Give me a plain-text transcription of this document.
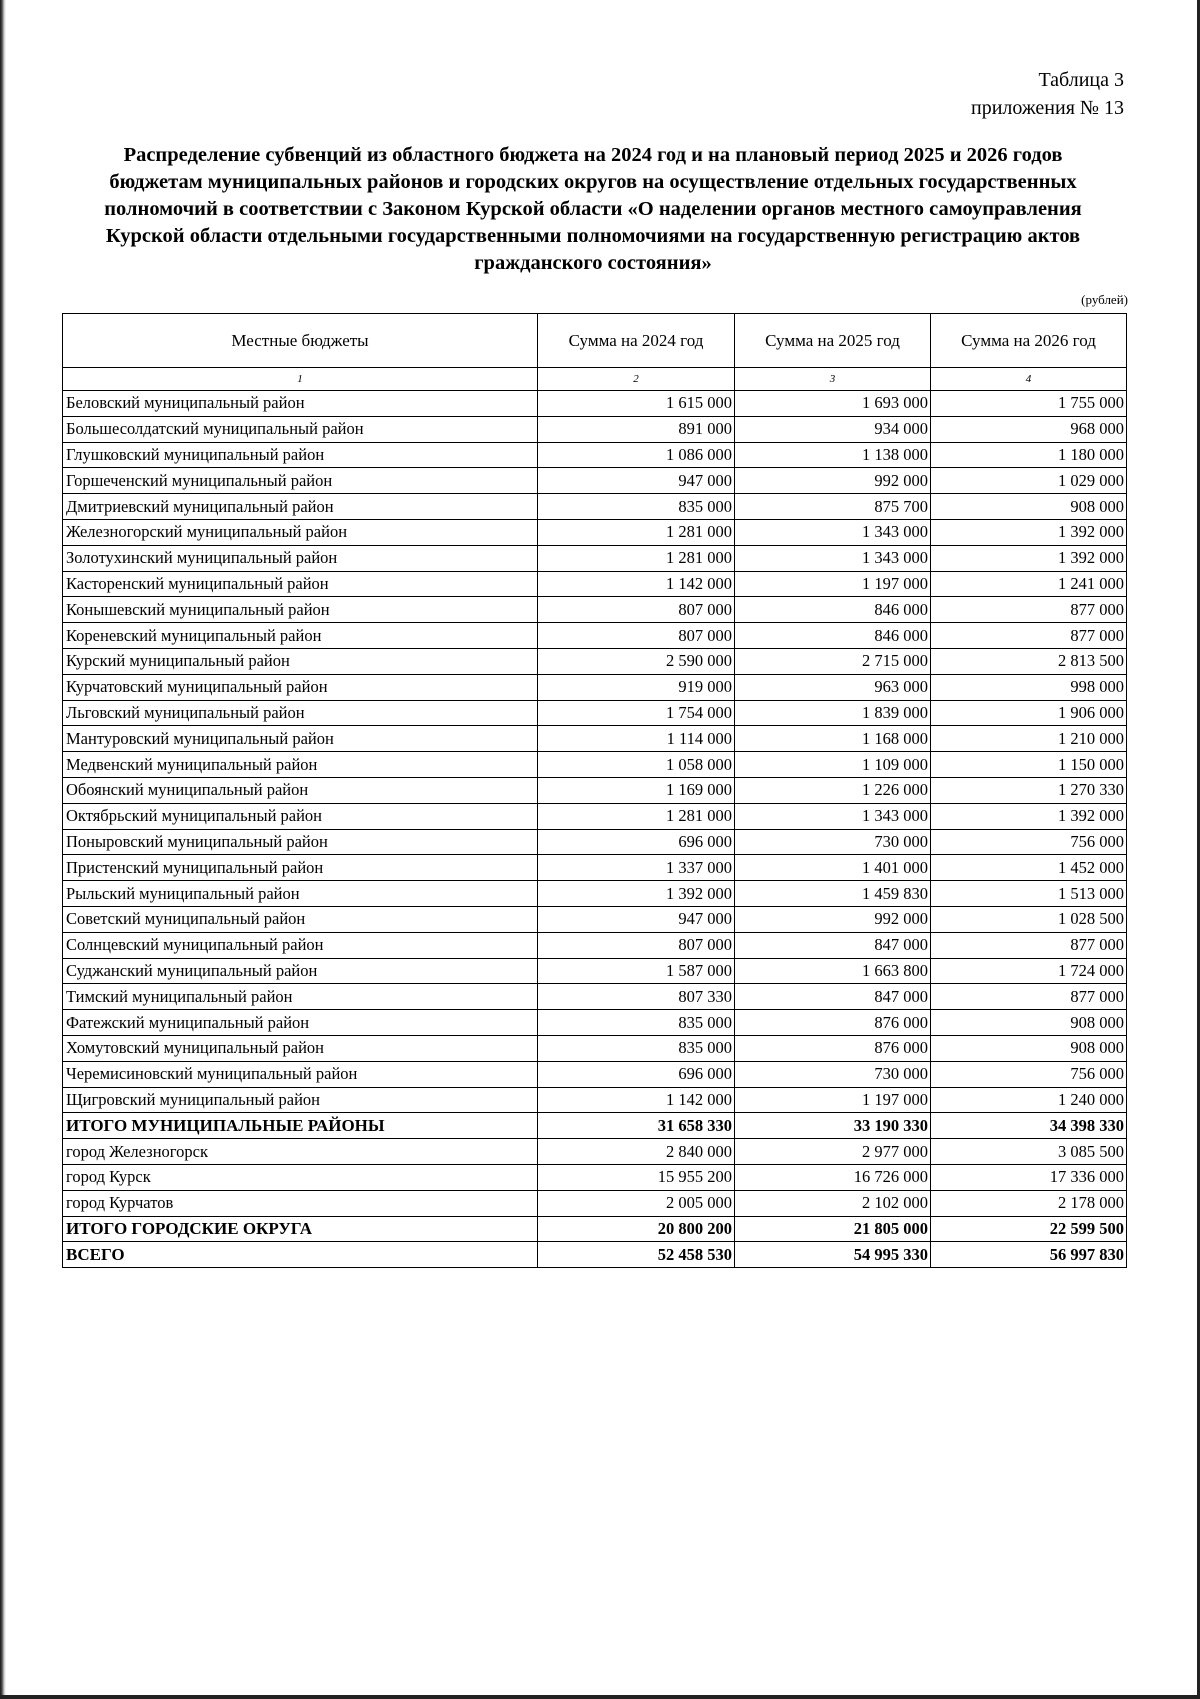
Таблица 3
приложения № 13
Распределение субвенций из областного бюджета на 2024 год и на плановый период 2025 и 2026 годов
бюджетам муниципальных районов и городских округов на осуществление отдельных государственных
полномочий в соответствии с Законом Курской области «О наделении органов местного самоуправления
Курской области отдельными государственными полномочиями на государственную регистрацию актов
гражданского состояния»
(рублей)
Местные бюджеты	Сумма на 2024 год	Сумма на 2025 год	Сумма на 2026 год
1	2	3	4
Беловский муниципальный район	1 615 000	1 693 000	1 755 000
Большесолдатский муниципальный район	891 000	934 000	968 000
Глушковский муниципальный район	1 086 000	1 138 000	1 180 000
Горшеченский муниципальный район	947 000	992 000	1 029 000
Дмитриевский муниципальный район	835 000	875 700	908 000
Железногорский муниципальный район	1 281 000	1 343 000	1 392 000
Золотухинский муниципальный район	1 281 000	1 343 000	1 392 000
Касторенский муниципальный район	1 142 000	1 197 000	1 241 000
Конышевский муниципальный район	807 000	846 000	877 000
Кореневский муниципальный район	807 000	846 000	877 000
Курский муниципальный район	2 590 000	2 715 000	2 813 500
Курчатовский муниципальный район	919 000	963 000	998 000
Льговский муниципальный район	1 754 000	1 839 000	1 906 000
Мантуровский муниципальный район	1 114 000	1 168 000	1 210 000
Медвенский муниципальный район	1 058 000	1 109 000	1 150 000
Обоянский муниципальный район	1 169 000	1 226 000	1 270 330
Октябрьский муниципальный район	1 281 000	1 343 000	1 392 000
Поныровский муниципальный район	696 000	730 000	756 000
Пристенский муниципальный район	1 337 000	1 401 000	1 452 000
Рыльский муниципальный район	1 392 000	1 459 830	1 513 000
Советский муниципальный район	947 000	992 000	1 028 500
Солнцевский муниципальный район	807 000	847 000	877 000
Суджанский муниципальный район	1 587 000	1 663 800	1 724 000
Тимский муниципальный район	807 330	847 000	877 000
Фатежский муниципальный район	835 000	876 000	908 000
Хомутовский муниципальный район	835 000	876 000	908 000
Черемисиновский муниципальный район	696 000	730 000	756 000
Щигровский муниципальный район	1 142 000	1 197 000	1 240 000
ИТОГО МУНИЦИПАЛЬНЫЕ РАЙОНЫ	31 658 330	33 190 330	34 398 330
город Железногорск	2 840 000	2 977 000	3 085 500
город Курск	15 955 200	16 726 000	17 336 000
город Курчатов	2 005 000	2 102 000	2 178 000
ИТОГО ГОРОДСКИЕ ОКРУГА	20 800 200	21 805 000	22 599 500
ВСЕГО	52 458 530	54 995 330	56 997 830
